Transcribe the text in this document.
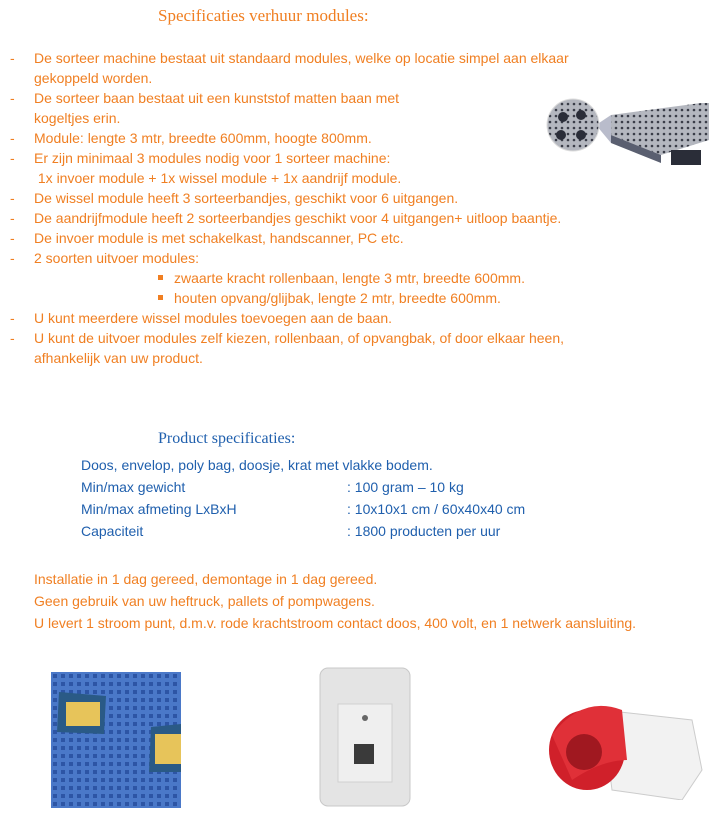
Specificaties verhuur modules:
- De sorteer machine bestaat uit standaard modules, welke op locatie simpel aan elkaar
gekoppeld worden.
- De sorteer baan bestaat uit een kunststof matten baan met
kogeltjes erin.
- Module: lengte 3 mtr, breedte 600mm, hoogte 800mm.
- Er zijn minimaal 3 modules nodig voor 1 sorteer machine:
1x invoer module + 1x wissel module + 1x aandrijf module.
- De wissel module heeft 3 sorteerbandjes, geschikt voor 6 uitgangen.
- De aandrijfmodule heeft 2 sorteerbandjes geschikt voor 4 uitgangen+ uitloop baantje.
- De invoer module is met schakelkast, handscanner, PC etc.
- 2 soorten uitvoer modules:
zwaarte kracht rollenbaan, lengte 3 mtr, breedte 600mm.
houten opvang/glijbak, lengte 2 mtr, breedte 600mm.
- U kunt meerdere wissel modules toevoegen aan de baan.
- U kunt de uitvoer modules zelf kiezen, rollenbaan, of opvangbak, of door elkaar heen,
afhankelijk van uw product.
Product specificaties:
Doos, envelop, poly bag, doosje, krat met vlakke bodem.
Min/max gewicht	: 100 gram – 10 kg
Min/max afmeting LxBxH	: 10x10x1 cm / 60x40x40 cm
Capaciteit	: 1800 producten per uur
Installatie in 1 dag gereed, demontage in 1 dag gereed.
Geen gebruik van uw heftruck, pallets of pompwagens.
U levert 1 stroom punt, d.m.v. rode krachtstroom contact doos, 400 volt, en 1 netwerk aansluiting.
